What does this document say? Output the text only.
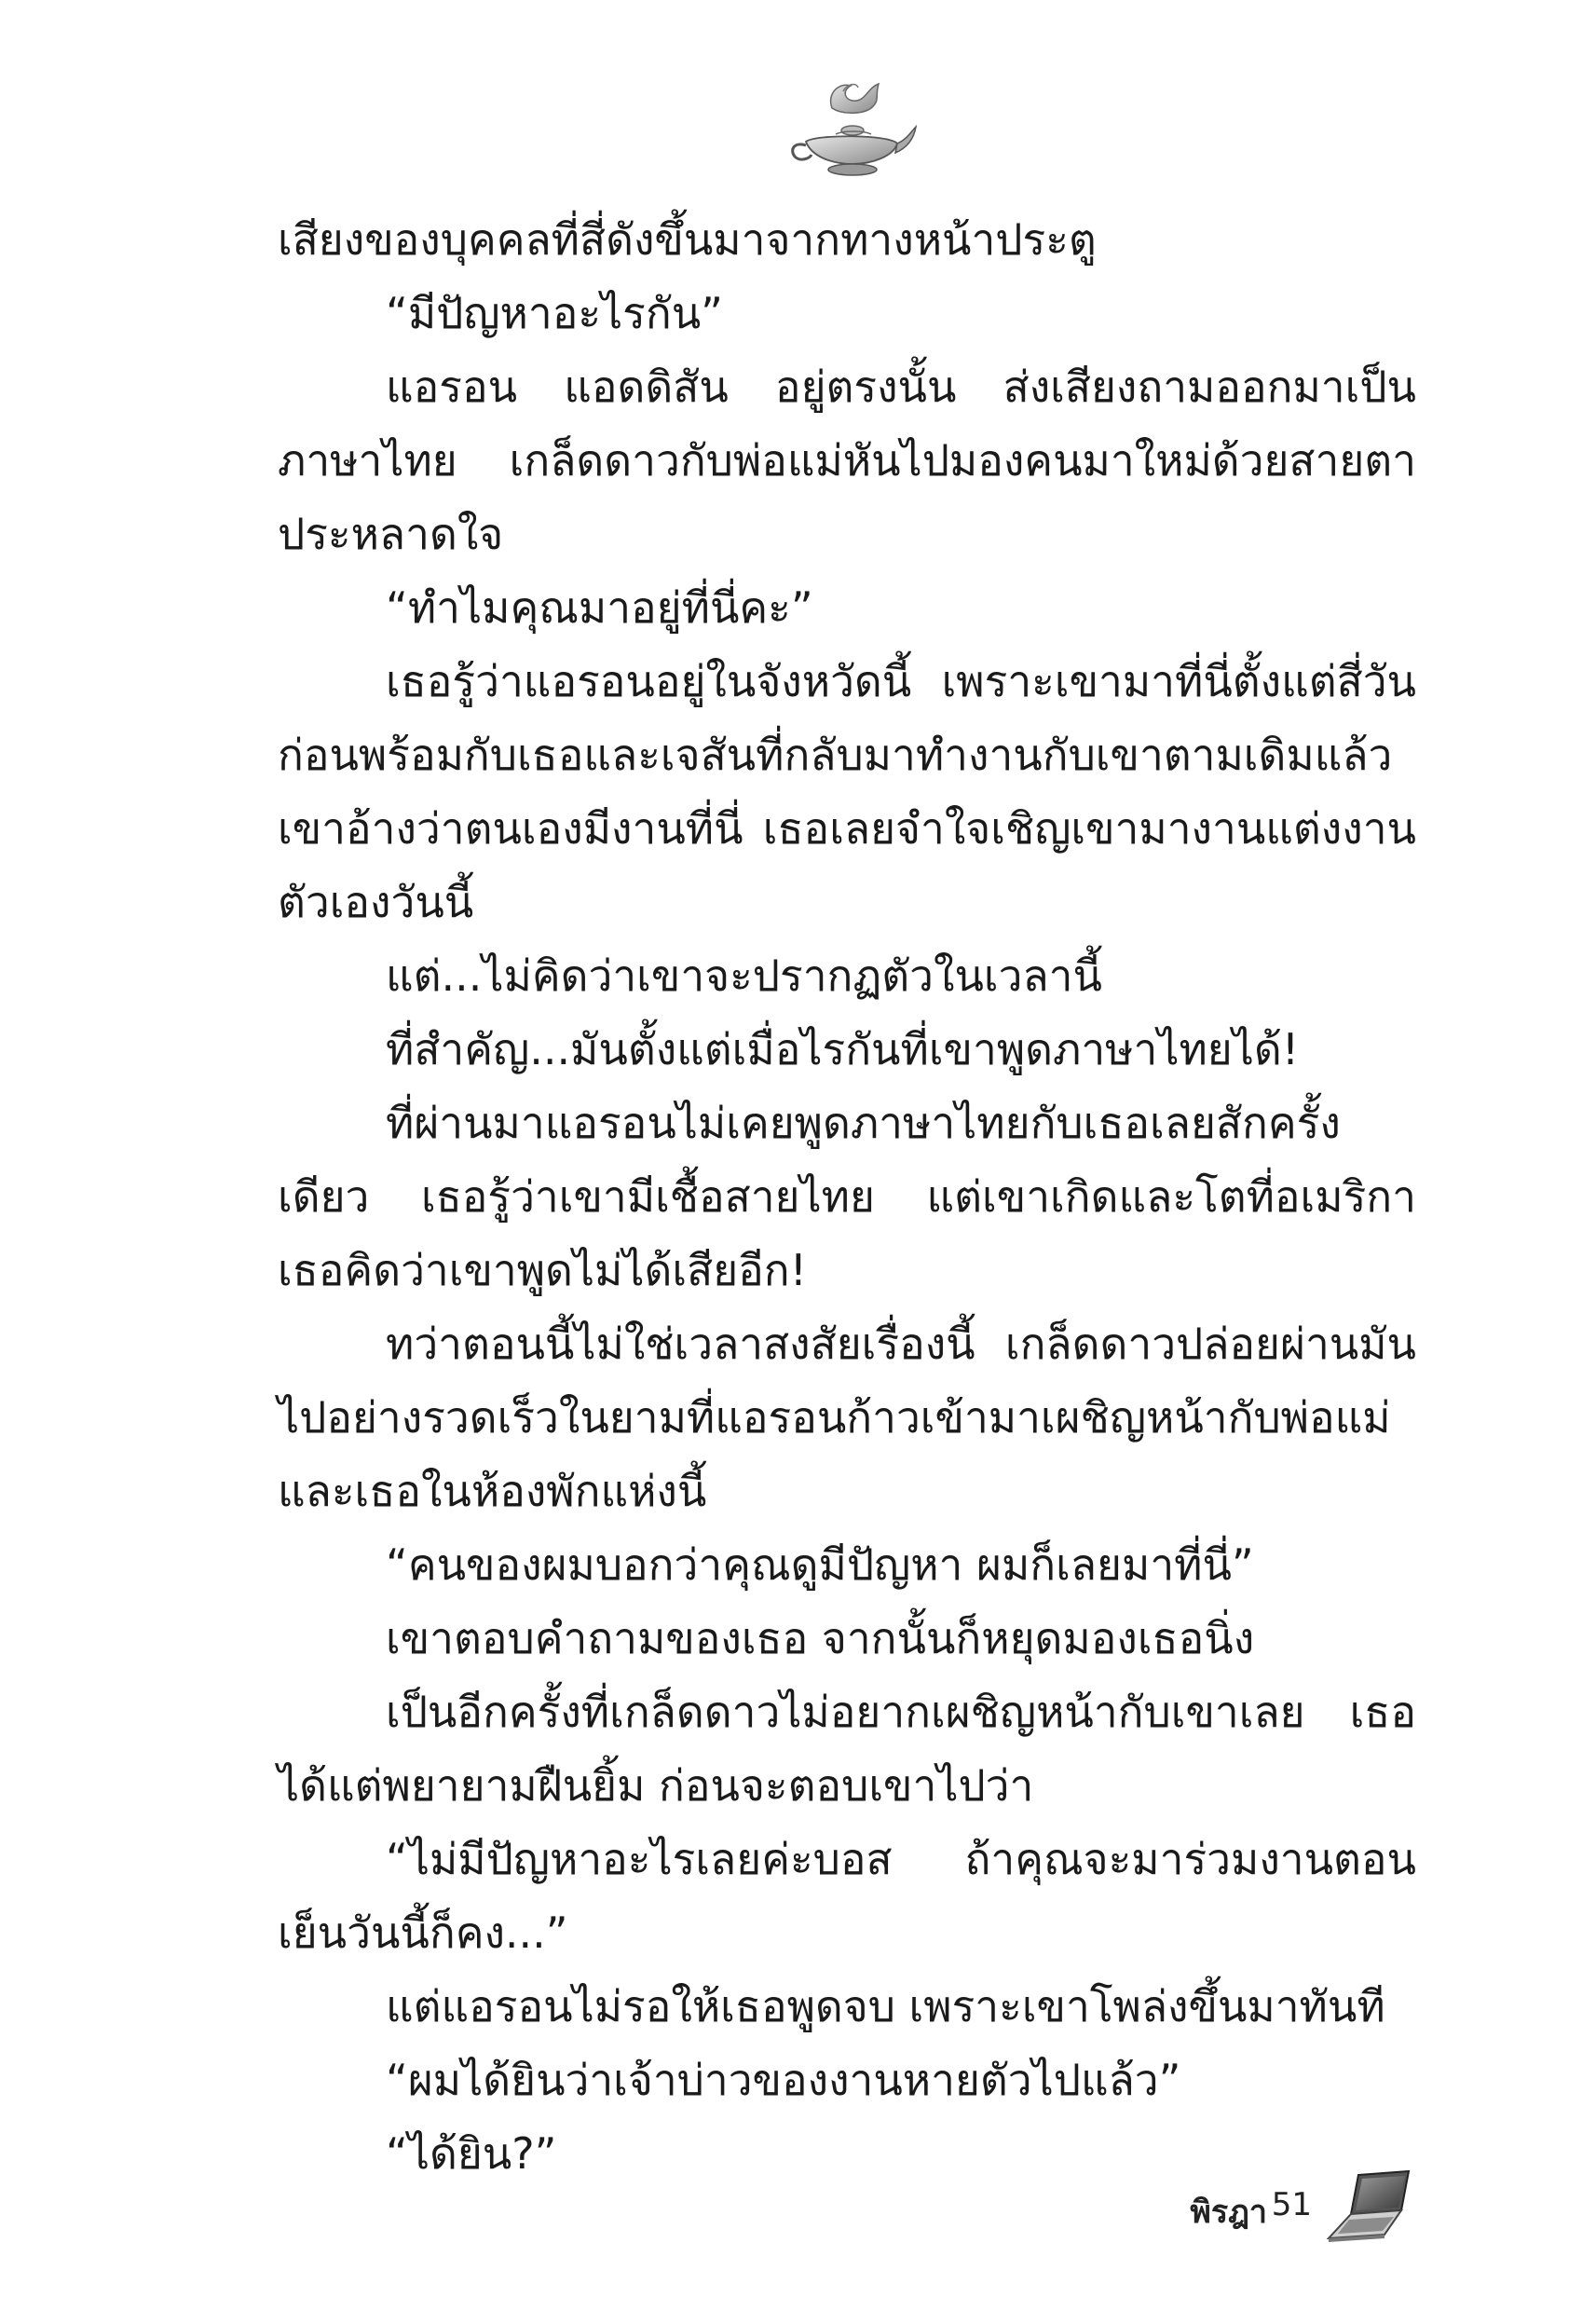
เสียงของบุคคลที่สี่ดังขึ้นมาจากทางหน้าประตู

“มีปัญหาอะไรกัน”

แอรอน แอดดิสัน อยู่ตรงนั้น ส่งเสียงถามออกมาเป็นภาษาไทย เกล็ดดาวกับพ่อแม่หันไปมองคนมาใหม่ด้วยสายตาประหลาดใจ

“ทำไมคุณมาอยู่ที่นี่คะ”

เธอรู้ว่าแอรอนอยู่ในจังหวัดนี้ เพราะเขามาที่นี่ตั้งแต่สี่วันก่อนพร้อมกับเธอและเจสันที่กลับมาทำงานกับเขาตามเดิมแล้ว เขาอ้างว่าตนเองมีงานที่นี่ เธอเลยจำใจเชิญเขามางานแต่งงานตัวเองวันนี้

แต่...ไม่คิดว่าเขาจะปรากฏตัวในเวลานี้

ที่สำคัญ...มันตั้งแต่เมื่อไรกันที่เขาพูดภาษาไทยได้!

ที่ผ่านมาแอรอนไม่เคยพูดภาษาไทยกับเธอเลยสักครั้งเดียว เธอรู้ว่าเขามีเชื้อสายไทย แต่เขาเกิดและโตที่อเมริกา เธอคิดว่าเขาพูดไม่ได้เสียอีก!

ทว่าตอนนี้ไม่ใช่เวลาสงสัยเรื่องนี้ เกล็ดดาวปล่อยผ่านมันไปอย่างรวดเร็วในยามที่แอรอนก้าวเข้ามาเผชิญหน้ากับพ่อแม่และเธอในห้องพักแห่งนี้

“คนของผมบอกว่าคุณดูมีปัญหา ผมก็เลยมาที่นี่”

เขาตอบคำถามของเธอ จากนั้นก็หยุดมองเธอนิ่ง

เป็นอีกครั้งที่เกล็ดดาวไม่อยากเผชิญหน้ากับเขาเลย เธอได้แต่พยายามฝืนยิ้ม ก่อนจะตอบเขาไปว่า

“ไม่มีปัญหาอะไรเลยค่ะบอส ถ้าคุณจะมาร่วมงานตอนเย็นวันนี้ก็คง...”

แต่แอรอนไม่รอให้เธอพูดจบ เพราะเขาโพล่งขึ้นมาทันที

“ผมได้ยินว่าเจ้าบ่าวของงานหายตัวไปแล้ว”

“ได้ยิน?”

พิรฎา 51
